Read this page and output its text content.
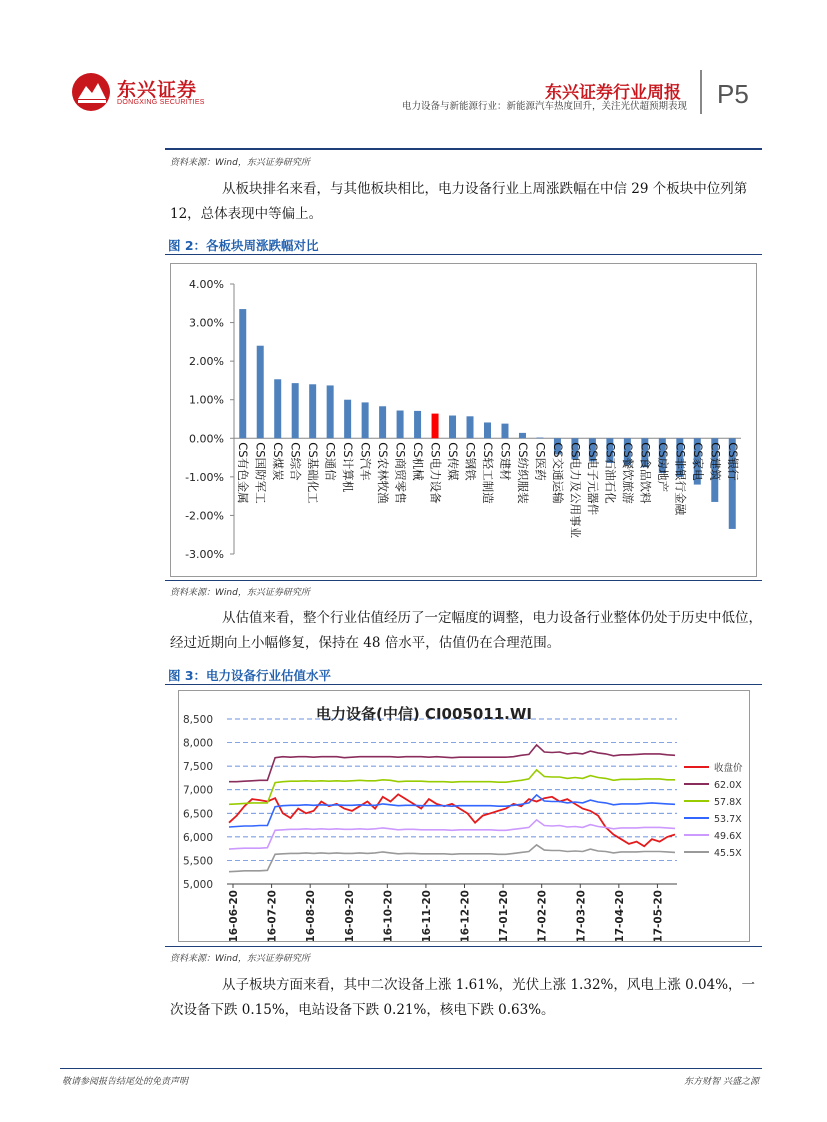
东兴证券
DONGXING SECURITIES	东兴证券行业周报
电力设备与新能源行业：新能源汽车热度回升，关注光伏超预期表现 P5
资料来源：Wind，东兴证券研究所
从板块排名来看，与其他板块相比，电力设备行业上周涨跌幅在中信 29 个板块中位列第 12，总体表现中等偏上。
图 2：各板块周涨跌幅对比
4.00%
3.00%
2.00%
1.00%
0.00%
-1.00%
-2.00%
-3.00%
CS有色金属 CS国防军工 CS煤炭 CS综合 CS基础化工 CS通信 CS计算机 CS汽车 CS农林牧渔 CS商贸零售 CS机械 CS电力设备 CS传媒 CS钢铁 CS轻工制造 CS建材 CS纺织服装 CS医药 CS交通运输 CS电力及公用事业 CS电子元器件 CS石油石化 CS餐饮旅游 CS食品饮料 CS房地产 CS非银行金融 CS家电 CS建筑 CS银行
资料来源：Wind，东兴证券研究所
从估值来看，整个行业估值经历了一定幅度的调整，电力设备行业整体仍处于历史中低位，经过近期向上小幅修复，保持在 48 倍水平，估值仍在合理范围。
图 3：电力设备行业估值水平
电力设备(中信) CI005011.WI
8,500
8,000
7,500
7,000
6,500
6,000
5,500
5,000
16-06-20	16-07-20	16-08-20	16-09-20	16-10-20	16-11-20	16-12-20	17-01-20	17-02-20	17-03-20	17-04-20	17-05-20
收盘价
62.0X
57.8X
53.7X
49.6X
45.5X
资料来源：Wind，东兴证券研究所
从子板块方面来看，其中二次设备上涨 1.61%，光伏上涨 1.32%，风电上涨 0.04%，一次设备下跌 0.15%，电站设备下跌 0.21%，核电下跌 0.63%。
敬请参阅报告结尾处的免责声明	东方财智 兴盛之源
